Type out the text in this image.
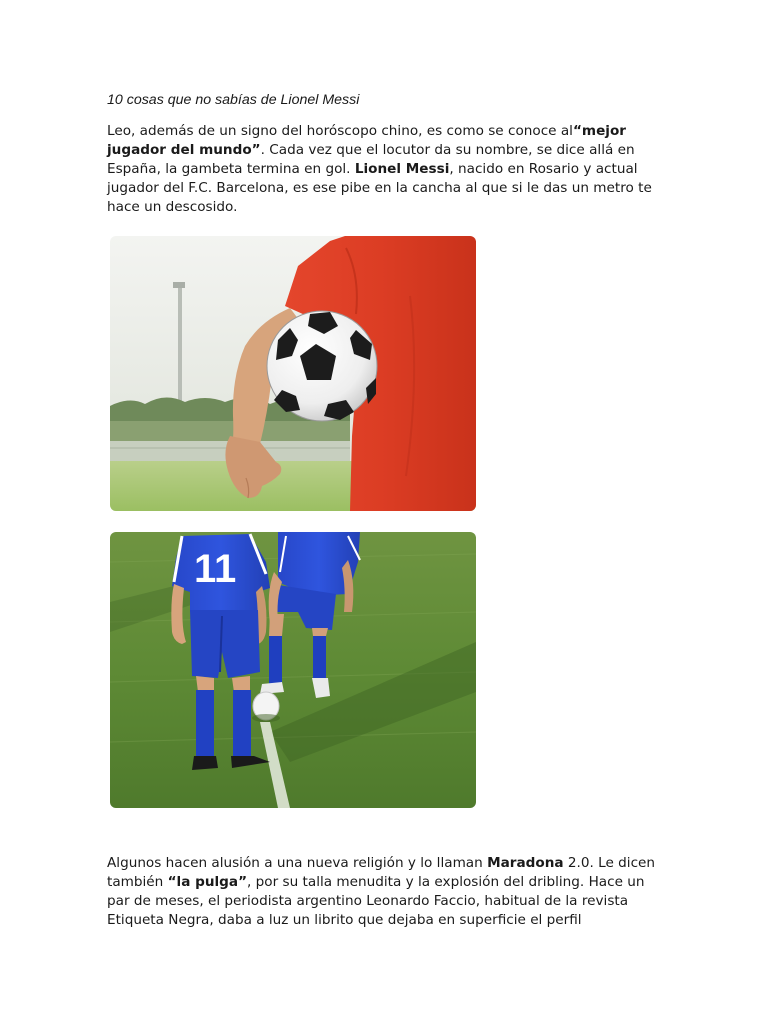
10 cosas que no sabías de Lionel Messi

Leo, además de un signo del horóscopo chino, es como se conoce al“mejor jugador del mundo”. Cada vez que el locutor da su nombre, se dice allá en España, la gambeta termina en gol. Lionel Messi, nacido en Rosario y actual jugador del F.C. Barcelona, es ese pibe en la cancha al que si le das un metro te hace un descosido.

11

Algunos hacen alusión a una nueva religión y lo llaman Maradona 2.0. Le dicen también “la pulga”, por su talla menudita y la explosión del dribling. Hace un par de meses, el periodista argentino Leonardo Faccio, habitual de la revista Etiqueta Negra, daba a luz un librito que dejaba en superficie el perfil
